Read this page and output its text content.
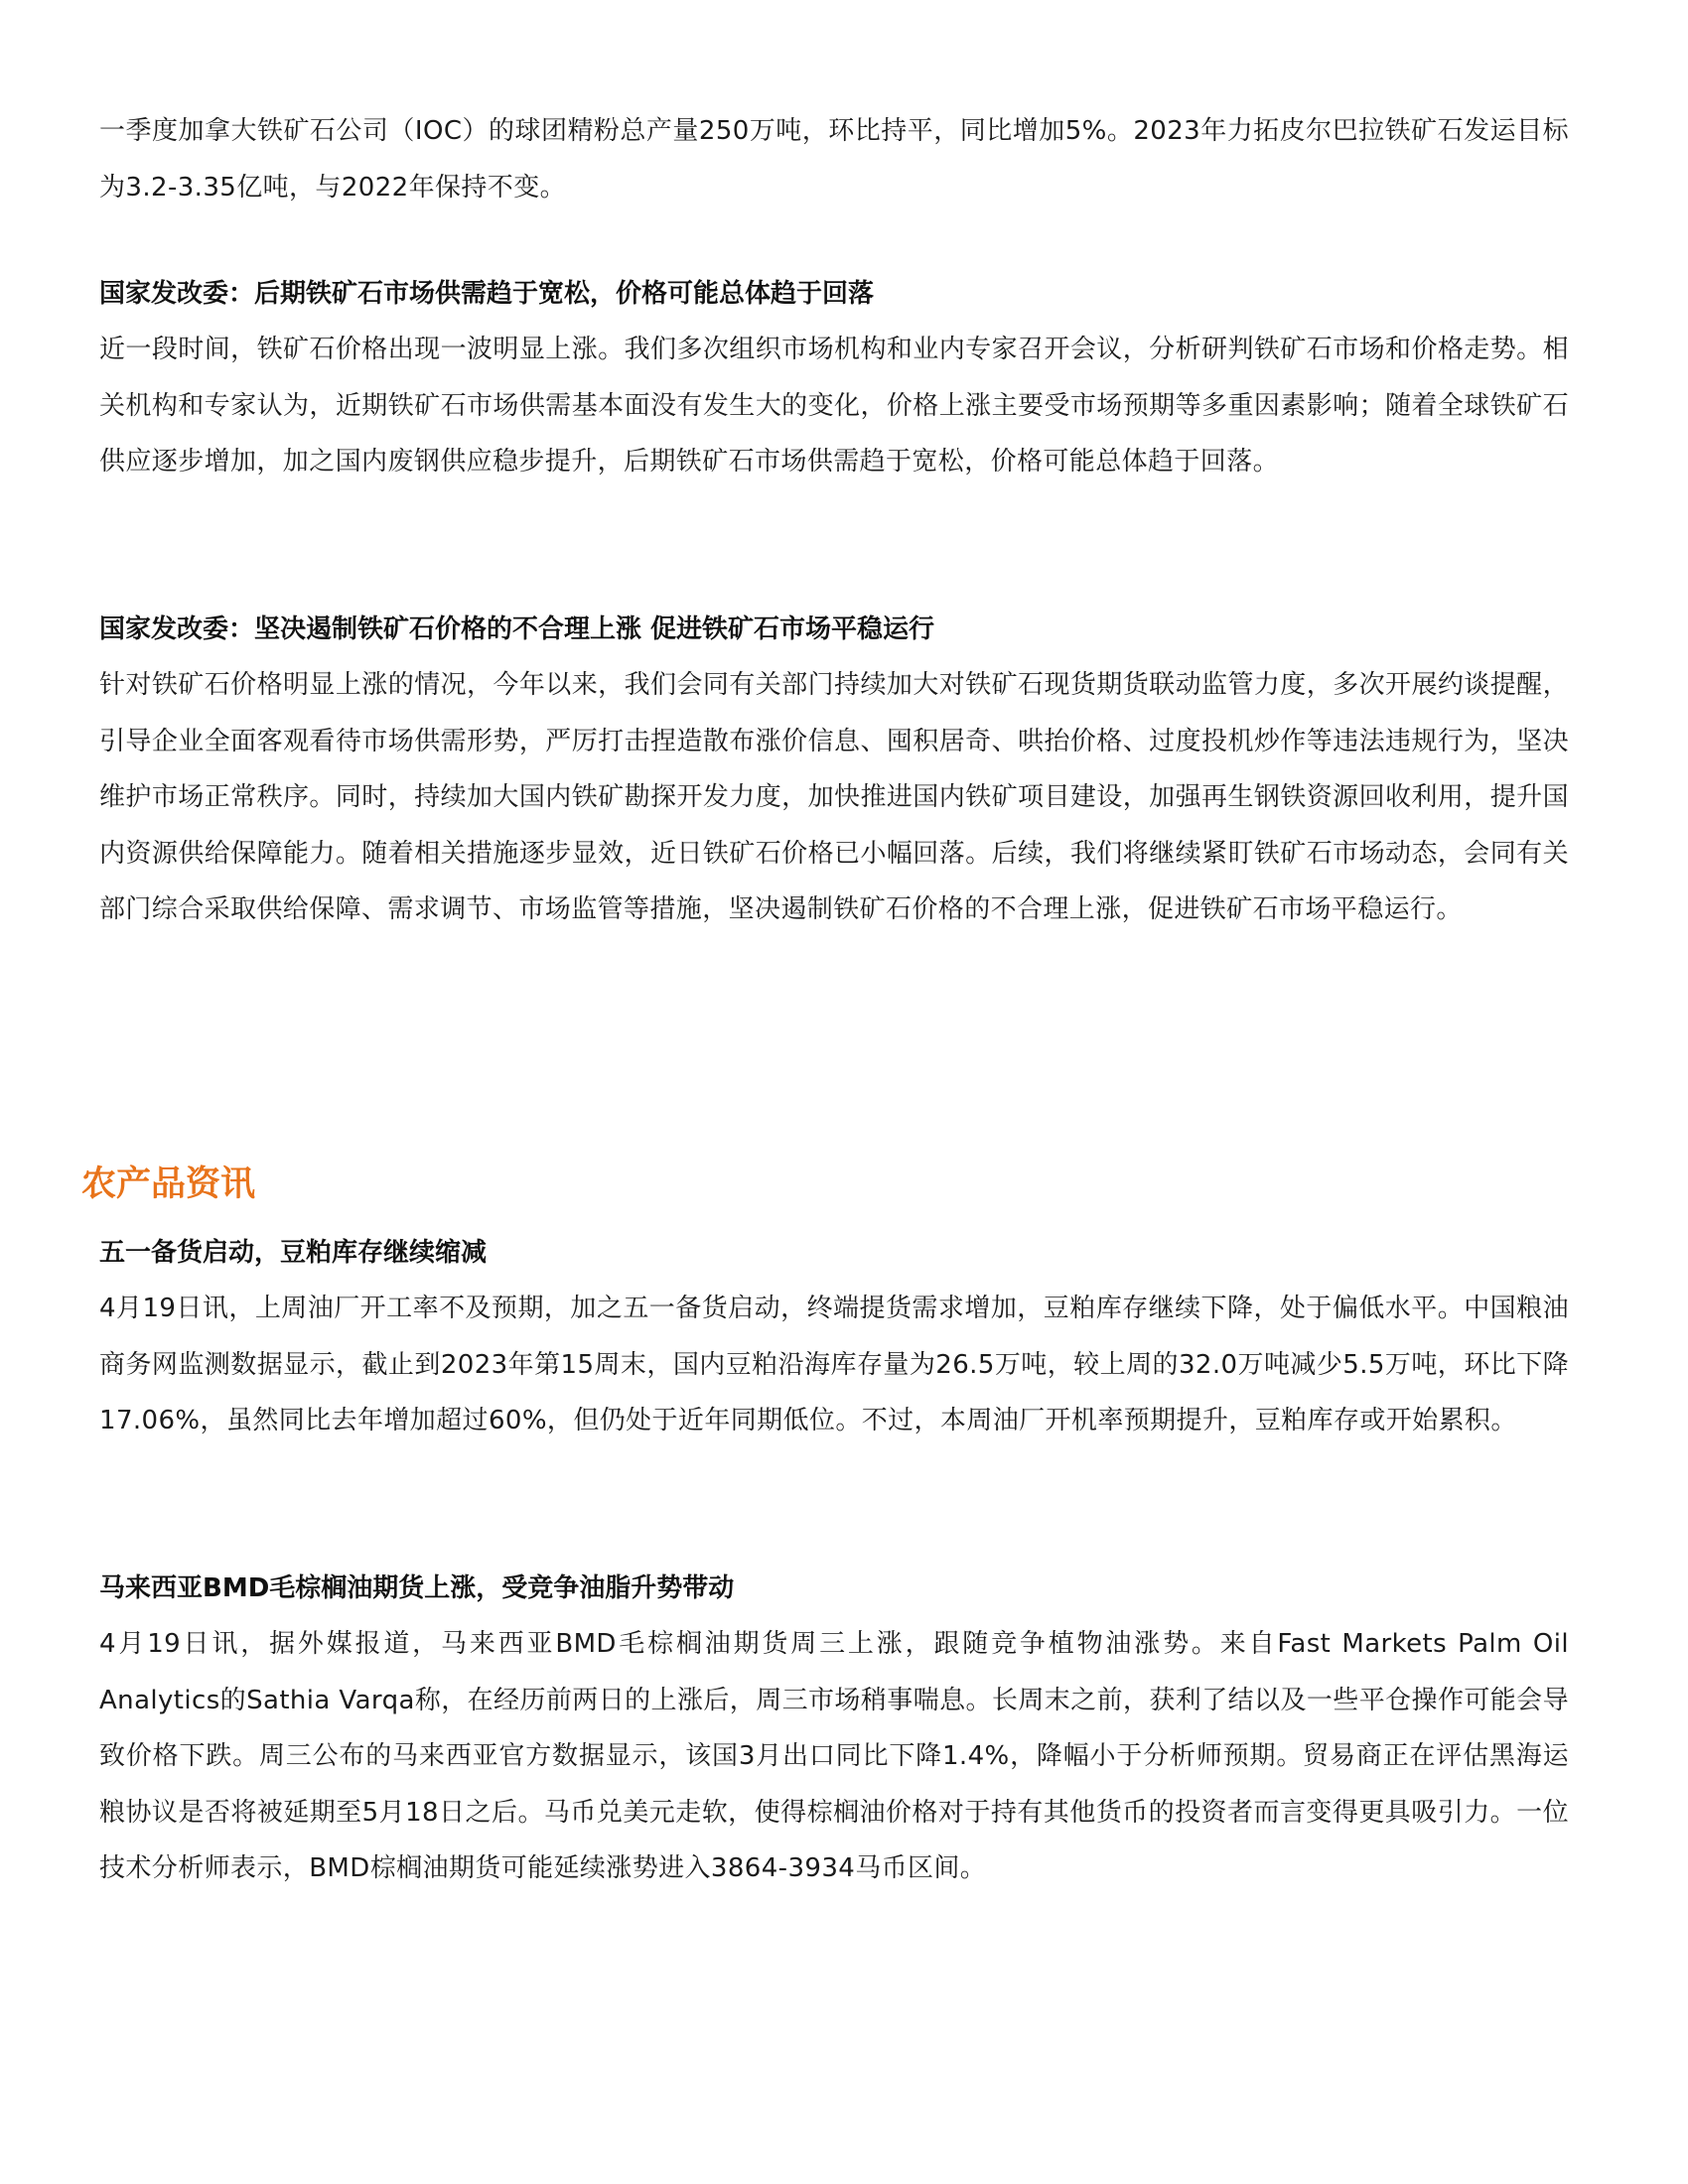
一季度加拿大铁矿石公司（IOC）的球团精粉总产量250万吨，环比持平，同比增加5%。2023年力拓皮尔巴拉铁矿石发运目标为3.2-3.35亿吨，与2022年保持不变。

国家发改委：后期铁矿石市场供需趋于宽松，价格可能总体趋于回落

近一段时间，铁矿石价格出现一波明显上涨。我们多次组织市场机构和业内专家召开会议，分析研判铁矿石市场和价格走势。相关机构和专家认为，近期铁矿石市场供需基本面没有发生大的变化，价格上涨主要受市场预期等多重因素影响；随着全球铁矿石供应逐步增加，加之国内废钢供应稳步提升，后期铁矿石市场供需趋于宽松，价格可能总体趋于回落。

国家发改委：坚决遏制铁矿石价格的不合理上涨 促进铁矿石市场平稳运行

针对铁矿石价格明显上涨的情况，今年以来，我们会同有关部门持续加大对铁矿石现货期货联动监管力度，多次开展约谈提醒，引导企业全面客观看待市场供需形势，严厉打击捏造散布涨价信息、囤积居奇、哄抬价格、过度投机炒作等违法违规行为，坚决维护市场正常秩序。同时，持续加大国内铁矿勘探开发力度，加快推进国内铁矿项目建设，加强再生钢铁资源回收利用，提升国内资源供给保障能力。随着相关措施逐步显效，近日铁矿石价格已小幅回落。后续，我们将继续紧盯铁矿石市场动态，会同有关部门综合采取供给保障、需求调节、市场监管等措施，坚决遏制铁矿石价格的不合理上涨，促进铁矿石市场平稳运行。

农产品资讯

五一备货启动，豆粕库存继续缩减

4月19日讯，上周油厂开工率不及预期，加之五一备货启动，终端提货需求增加，豆粕库存继续下降，处于偏低水平。中国粮油商务网监测数据显示，截止到2023年第15周末，国内豆粕沿海库存量为26.5万吨，较上周的32.0万吨减少5.5万吨，环比下降17.06%，虽然同比去年增加超过60%，但仍处于近年同期低位。不过，本周油厂开机率预期提升，豆粕库存或开始累积。

马来西亚BMD毛棕榈油期货上涨，受竞争油脂升势带动

4月19日讯，据外媒报道，马来西亚BMD毛棕榈油期货周三上涨，跟随竞争植物油涨势。来自Fast Markets Palm Oil Analytics的Sathia Varqa称，在经历前两日的上涨后，周三市场稍事喘息。长周末之前，获利了结以及一些平仓操作可能会导致价格下跌。周三公布的马来西亚官方数据显示，该国3月出口同比下降1.4%，降幅小于分析师预期。贸易商正在评估黑海运粮协议是否将被延期至5月18日之后。马币兑美元走软，使得棕榈油价格对于持有其他货币的投资者而言变得更具吸引力。一位技术分析师表示，BMD棕榈油期货可能延续涨势进入3864-3934马币区间。
